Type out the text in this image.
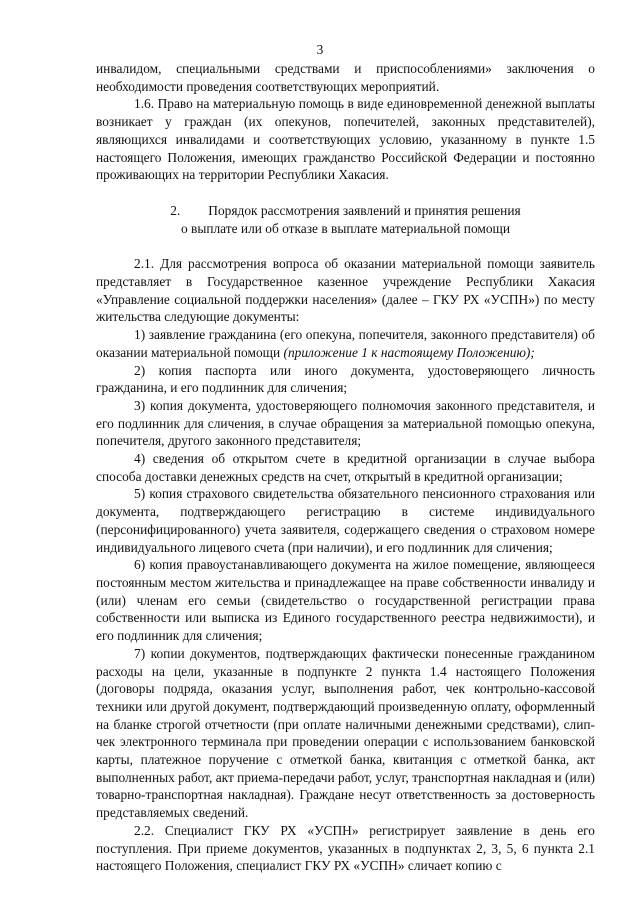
3

инвалидом, специальными средствами и приспособлениями» заключения о необходимости проведения соответствующих мероприятий.

1.6. Право на материальную помощь в виде единовременной денежной выплаты возникает у граждан (их опекунов, попечителей, законных представителей), являющихся инвалидами и соответствующих условию, указанному в пункте 1.5 настоящего Положения, имеющих гражданство Российской Федерации и постоянно проживающих на территории Республики Хакасия.

2. Порядок рассмотрения заявлений и принятия решения
о выплате или об отказе в выплате материальной помощи

2.1. Для рассмотрения вопроса об оказании материальной помощи заявитель представляет в Государственное казенное учреждение Республики Хакасия «Управление социальной поддержки населения» (далее – ГКУ РХ «УСПН») по месту жительства следующие документы:

1) заявление гражданина (его опекуна, попечителя, законного представителя) об оказании материальной помощи (приложение 1 к настоящему Положению);

2) копия паспорта или иного документа, удостоверяющего личность гражданина, и его подлинник для сличения;

3) копия документа, удостоверяющего полномочия законного представителя, и его подлинник для сличения, в случае обращения за материальной помощью опекуна, попечителя, другого законного представителя;

4) сведения об открытом счете в кредитной организации в случае выбора способа доставки денежных средств на счет, открытый в кредитной организации;

5) копия страхового свидетельства обязательного пенсионного страхования или документа, подтверждающего регистрацию в системе индивидуального (персонифицированного) учета заявителя, содержащего сведения о страховом номере индивидуального лицевого счета (при наличии), и его подлинник для сличения;

6) копия правоустанавливающего документа на жилое помещение, являющееся постоянным местом жительства и принадлежащее на праве собственности инвалиду и (или) членам его семьи (свидетельство о государственной регистрации права собственности или выписка из Единого государственного реестра недвижимости), и его подлинник для сличения;

7) копии документов, подтверждающих фактически понесенные гражданином расходы на цели, указанные в подпункте 2 пункта 1.4 настоящего Положения (договоры подряда, оказания услуг, выполнения работ, чек контрольно-кассовой техники или другой документ, подтверждающий произведенную оплату, оформленный на бланке строгой отчетности (при оплате наличными денежными средствами), слип-чек электронного терминала при проведении операции с использованием банковской карты, платежное поручение с отметкой банка, квитанция с отметкой банка, акт выполненных работ, акт приема-передачи работ, услуг, транспортная накладная и (или) товарно-транспортная накладная). Граждане несут ответственность за достоверность представляемых сведений.

2.2. Специалист ГКУ РХ «УСПН» регистрирует заявление в день его поступления. При приеме документов, указанных в подпунктах 2, 3, 5, 6 пункта 2.1 настоящего Положения, специалист ГКУ РХ «УСПН» сличает копию с
